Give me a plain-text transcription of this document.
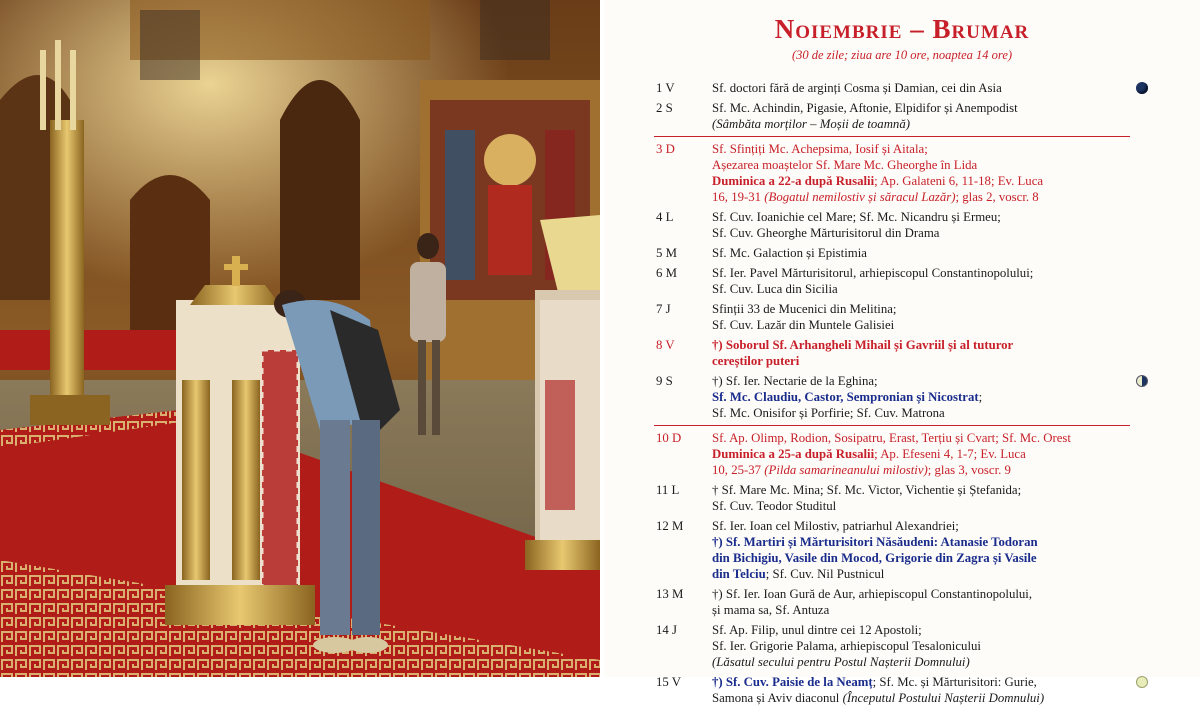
Noiembrie – Brumar
(30 de zile; ziua are 10 ore, noaptea 14 ore)
1 V	Sf. doctori fără de arginți Cosma și Damian, cei din Asia
2 S	Sf. Mc. Achindin, Pigasie, Aftonie, Elpidifor și Anempodist
(Sâmbăta morților – Moșii de toamnă)
3 D	Sf. Sfințiți Mc. Achepsima, Iosif și Aitala;
Așezarea moaștelor Sf. Mare Mc. Gheorghe în Lida
Duminica a 22-a după Rusalii; Ap. Galateni 6, 11-18; Ev. Luca
16, 19-31 (Bogatul nemilostiv și săracul Lazăr); glas 2, voscr. 8
4 L	Sf. Cuv. Ioanichie cel Mare; Sf. Mc. Nicandru și Ermeu;
Sf. Cuv. Gheorghe Mărturisitorul din Drama
5 M	Sf. Mc. Galaction și Epistimia
6 M	Sf. Ier. Pavel Mărturisitorul, arhiepiscopul Constantinopolului;
Sf. Cuv. Luca din Sicilia
7 J	Sfinții 33 de Mucenici din Melitina;
Sf. Cuv. Lazăr din Muntele Galisiei
8 V	†) Soborul Sf. Arhangheli Mihail și Gavriil și al tuturor
cereștilor puteri
9 S	†) Sf. Ier. Nectarie de la Eghina;
Sf. Mc. Claudiu, Castor, Sempronian și Nicostrat;
Sf. Mc. Onisifor și Porfirie; Sf. Cuv. Matrona
10 D	Sf. Ap. Olimp, Rodion, Sosipatru, Erast, Terțiu și Cvart; Sf. Mc. Orest
Duminica a 25-a după Rusalii; Ap. Efeseni 4, 1-7; Ev. Luca
10, 25-37 (Pilda samarineanului milostiv); glas 3, voscr. 9
11 L	† Sf. Mare Mc. Mina; Sf. Mc. Victor, Vichentie și Ștefanida;
Sf. Cuv. Teodor Studitul
12 M	Sf. Ier. Ioan cel Milostiv, patriarhul Alexandriei;
†) Sf. Martiri și Mărturisitori Năsăudeni: Atanasie Todoran
din Bichigiu, Vasile din Mocod, Grigorie din Zagra și Vasile
din Telciu; Sf. Cuv. Nil Pustnicul
13 M	†) Sf. Ier. Ioan Gură de Aur, arhiepiscopul Constantinopolului,
și mama sa, Sf. Antuza
14 J	Sf. Ap. Filip, unul dintre cei 12 Apostoli;
Sf. Ier. Grigorie Palama, arhiepiscopul Tesalonicului
(Lăsatul secului pentru Postul Nașterii Domnului)
15 V	†) Sf. Cuv. Paisie de la Neamț; Sf. Mc. și Mărturisitori: Gurie,
Samona și Aviv diaconul (Începutul Postului Nașterii Domnului)
